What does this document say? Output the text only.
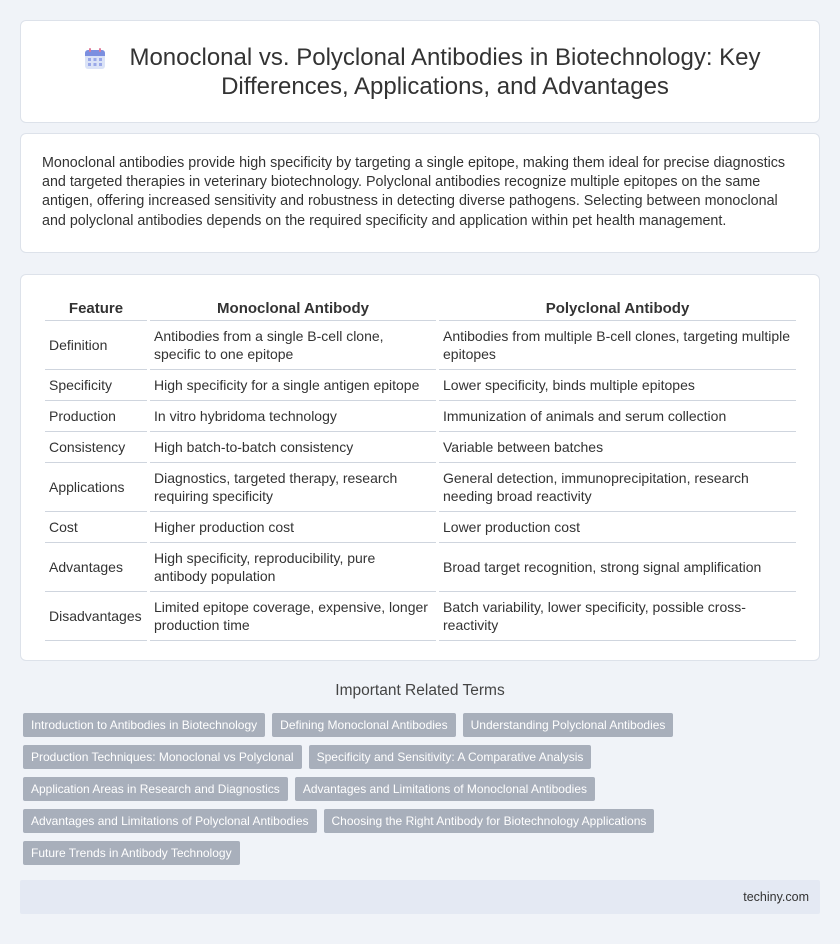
Monoclonal vs. Polyclonal Antibodies in Biotechnology: Key Differences, Applications, and Advantages

Monoclonal antibodies provide high specificity by targeting a single epitope, making them ideal for precise diagnostics and targeted therapies in veterinary biotechnology. Polyclonal antibodies recognize multiple epitopes on the same antigen, offering increased sensitivity and robustness in detecting diverse pathogens. Selecting between monoclonal and polyclonal antibodies depends on the required specificity and application within pet health management.

Feature	Monoclonal Antibody	Polyclonal Antibody
Definition	Antibodies from a single B-cell clone, specific to one epitope	Antibodies from multiple B-cell clones, targeting multiple epitopes
Specificity	High specificity for a single antigen epitope	Lower specificity, binds multiple epitopes
Production	In vitro hybridoma technology	Immunization of animals and serum collection
Consistency	High batch-to-batch consistency	Variable between batches
Applications	Diagnostics, targeted therapy, research requiring specificity	General detection, immunoprecipitation, research needing broad reactivity
Cost	Higher production cost	Lower production cost
Advantages	High specificity, reproducibility, pure antibody population	Broad target recognition, strong signal amplification
Disadvantages	Limited epitope coverage, expensive, longer production time	Batch variability, lower specificity, possible cross-reactivity
Important Related Terms
Introduction to Antibodies in Biotechnology	Defining Monoclonal Antibodies	Understanding Polyclonal Antibodies
Production Techniques: Monoclonal vs Polyclonal	Specificity and Sensitivity: A Comparative Analysis
Application Areas in Research and Diagnostics	Advantages and Limitations of Monoclonal Antibodies
Advantages and Limitations of Polyclonal Antibodies	Choosing the Right Antibody for Biotechnology Applications
Future Trends in Antibody Technology
techiny.com
